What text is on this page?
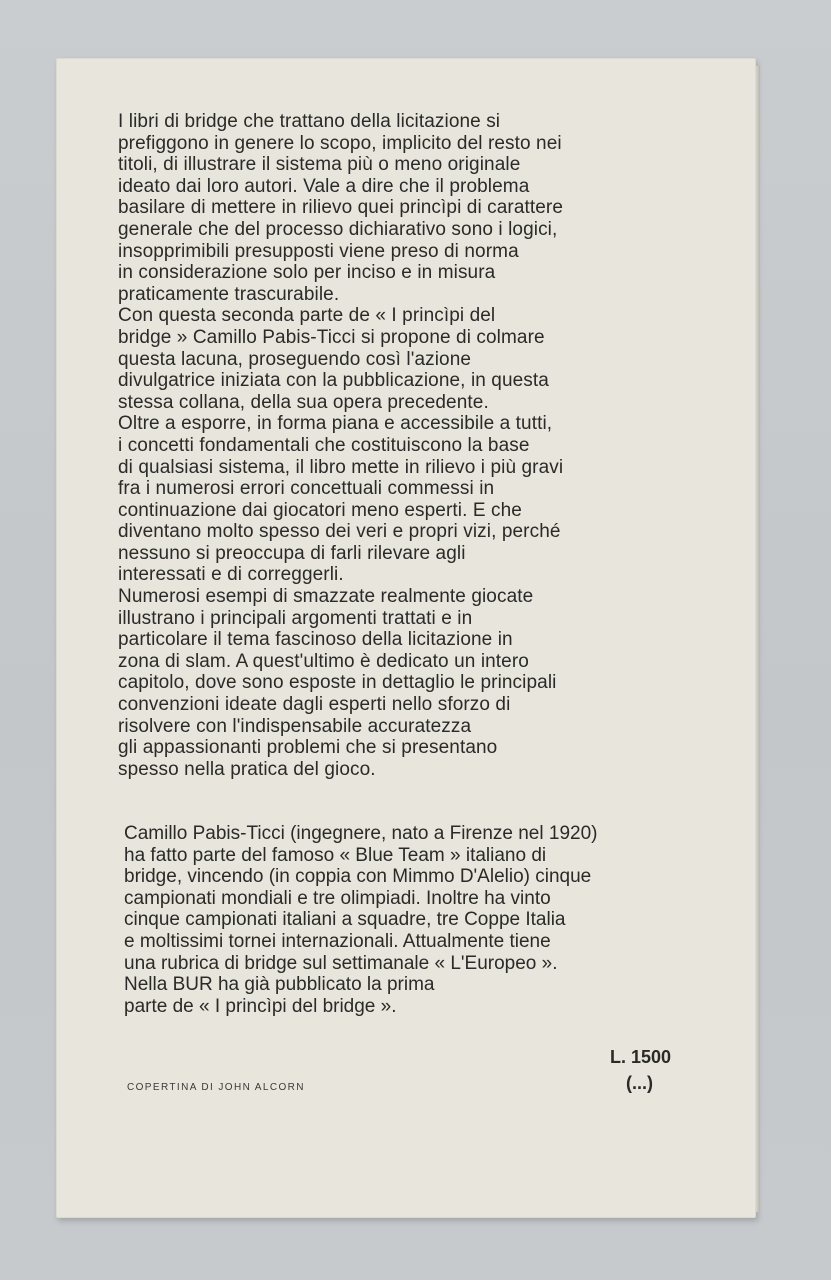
I libri di bridge che trattano della licitazione si
prefiggono in genere lo scopo, implicito del resto nei
titoli, di illustrare il sistema più o meno originale
ideato dai loro autori. Vale a dire che il problema
basilare di mettere in rilievo quei princìpi di carattere
generale che del processo dichiarativo sono i logici,
insopprimibili presupposti viene preso di norma
in considerazione solo per inciso e in misura
praticamente trascurabile.
Con questa seconda parte de « I princìpi del
bridge » Camillo Pabis-Ticci si propone di colmare
questa lacuna, proseguendo così l'azione
divulgatrice iniziata con la pubblicazione, in questa
stessa collana, della sua opera precedente.
Oltre a esporre, in forma piana e accessibile a tutti,
i concetti fondamentali che costituiscono la base
di qualsiasi sistema, il libro mette in rilievo i più gravi
fra i numerosi errori concettuali commessi in
continuazione dai giocatori meno esperti. E che
diventano molto spesso dei veri e propri vizi, perché
nessuno si preoccupa di farli rilevare agli
interessati e di correggerli.
Numerosi esempi di smazzate realmente giocate
illustrano i principali argomenti trattati e in
particolare il tema fascinoso della licitazione in
zona di slam. A quest'ultimo è dedicato un intero
capitolo, dove sono esposte in dettaglio le principali
convenzioni ideate dagli esperti nello sforzo di
risolvere con l'indispensabile accuratezza
gli appassionanti problemi che si presentano
spesso nella pratica del gioco.
Camillo Pabis-Ticci (ingegnere, nato a Firenze nel 1920)
ha fatto parte del famoso « Blue Team » italiano di
bridge, vincendo (in coppia con Mimmo D'Alelio) cinque
campionati mondiali e tre olimpiadi. Inoltre ha vinto
cinque campionati italiani a squadre, tre Coppe Italia
e moltissimi tornei internazionali. Attualmente tiene
una rubrica di bridge sul settimanale « L'Europeo ».
Nella BUR ha già pubblicato la prima
parte de « I princìpi del bridge ».
L. 1500
(...)
COPERTINA DI JOHN ALCORN
